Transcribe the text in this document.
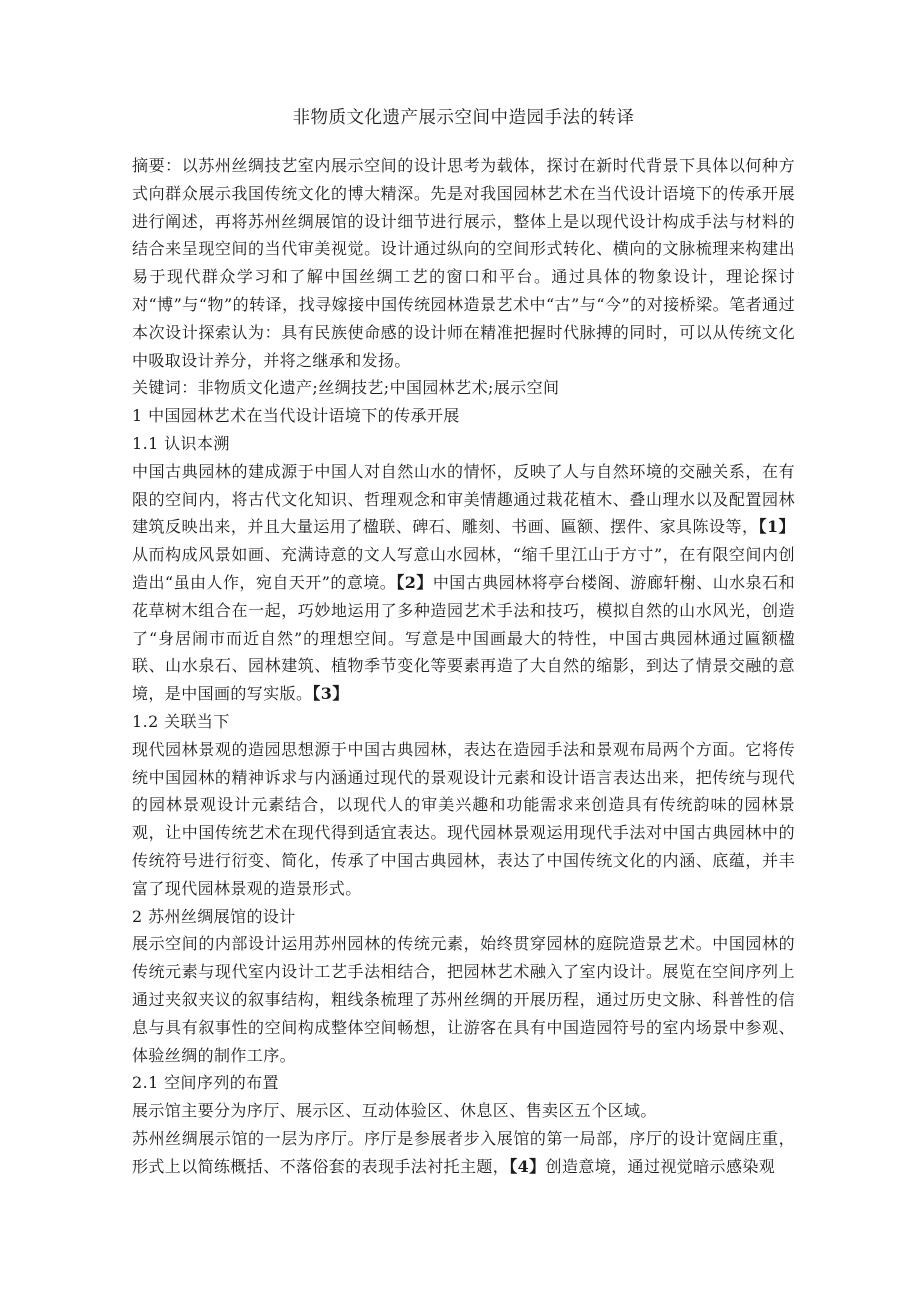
非物质文化遗产展示空间中造园手法的转译

摘要：以苏州丝绸技艺室内展示空间的设计思考为载体，探讨在新时代背景下具体以何种方式向群众展示我国传统文化的博大精深。先是对我国园林艺术在当代设计语境下的传承开展进行阐述，再将苏州丝绸展馆的设计细节进行展示，整体上是以现代设计构成手法与材料的结合来呈现空间的当代审美视觉。设计通过纵向的空间形式转化、横向的文脉梳理来构建出易于现代群众学习和了解中国丝绸工艺的窗口和平台。通过具体的物象设计，理论探讨对“博”与“物”的转译，找寻嫁接中国传统园林造景艺术中“古”与“今”的对接桥梁。笔者通过本次设计探索认为：具有民族使命感的设计师在精准把握时代脉搏的同时，可以从传统文化中吸取设计养分，并将之继承和发扬。

关键词：非物质文化遗产;丝绸技艺;中国园林艺术;展示空间

1 中国园林艺术在当代设计语境下的传承开展

1.1 认识本溯

中国古典园林的建成源于中国人对自然山水的情怀，反映了人与自然环境的交融关系，在有限的空间内，将古代文化知识、哲理观念和审美情趣通过栽花植木、叠山理水以及配置园林建筑反映出来，并且大量运用了楹联、碑石、雕刻、书画、匾额、摆件、家具陈设等，【1】从而构成风景如画、充满诗意的文人写意山水园林，“缩千里江山于方寸”，在有限空间内创造出“虽由人作，宛自天开”的意境。【2】中国古典园林将亭台楼阁、游廊轩榭、山水泉石和花草树木组合在一起，巧妙地运用了多种造园艺术手法和技巧，模拟自然的山水风光，创造了“身居闹市而近自然”的理想空间。写意是中国画最大的特性，中国古典园林通过匾额楹联、山水泉石、园林建筑、植物季节变化等要素再造了大自然的缩影，到达了情景交融的意境，是中国画的写实版。【3】

1.2 关联当下

现代园林景观的造园思想源于中国古典园林，表达在造园手法和景观布局两个方面。它将传统中国园林的精神诉求与内涵通过现代的景观设计元素和设计语言表达出来，把传统与现代的园林景观设计元素结合，以现代人的审美兴趣和功能需求来创造具有传统韵味的园林景观，让中国传统艺术在现代得到适宜表达。现代园林景观运用现代手法对中国古典园林中的传统符号进行衍变、简化，传承了中国古典园林，表达了中国传统文化的内涵、底蕴，并丰富了现代园林景观的造景形式。

2 苏州丝绸展馆的设计

展示空间的内部设计运用苏州园林的传统元素，始终贯穿园林的庭院造景艺术。中国园林的传统元素与现代室内设计工艺手法相结合，把园林艺术融入了室内设计。展览在空间序列上通过夹叙夹议的叙事结构，粗线条梳理了苏州丝绸的开展历程，通过历史文脉、科普性的信息与具有叙事性的空间构成整体空间畅想，让游客在具有中国造园符号的室内场景中参观、体验丝绸的制作工序。

2.1 空间序列的布置

展示馆主要分为序厅、展示区、互动体验区、休息区、售卖区五个区域。

苏州丝绸展示馆的一层为序厅。序厅是参展者步入展馆的第一局部，序厅的设计宽阔庄重，形式上以简练概括、不落俗套的表现手法衬托主题，【4】创造意境，通过视觉暗示感染观
